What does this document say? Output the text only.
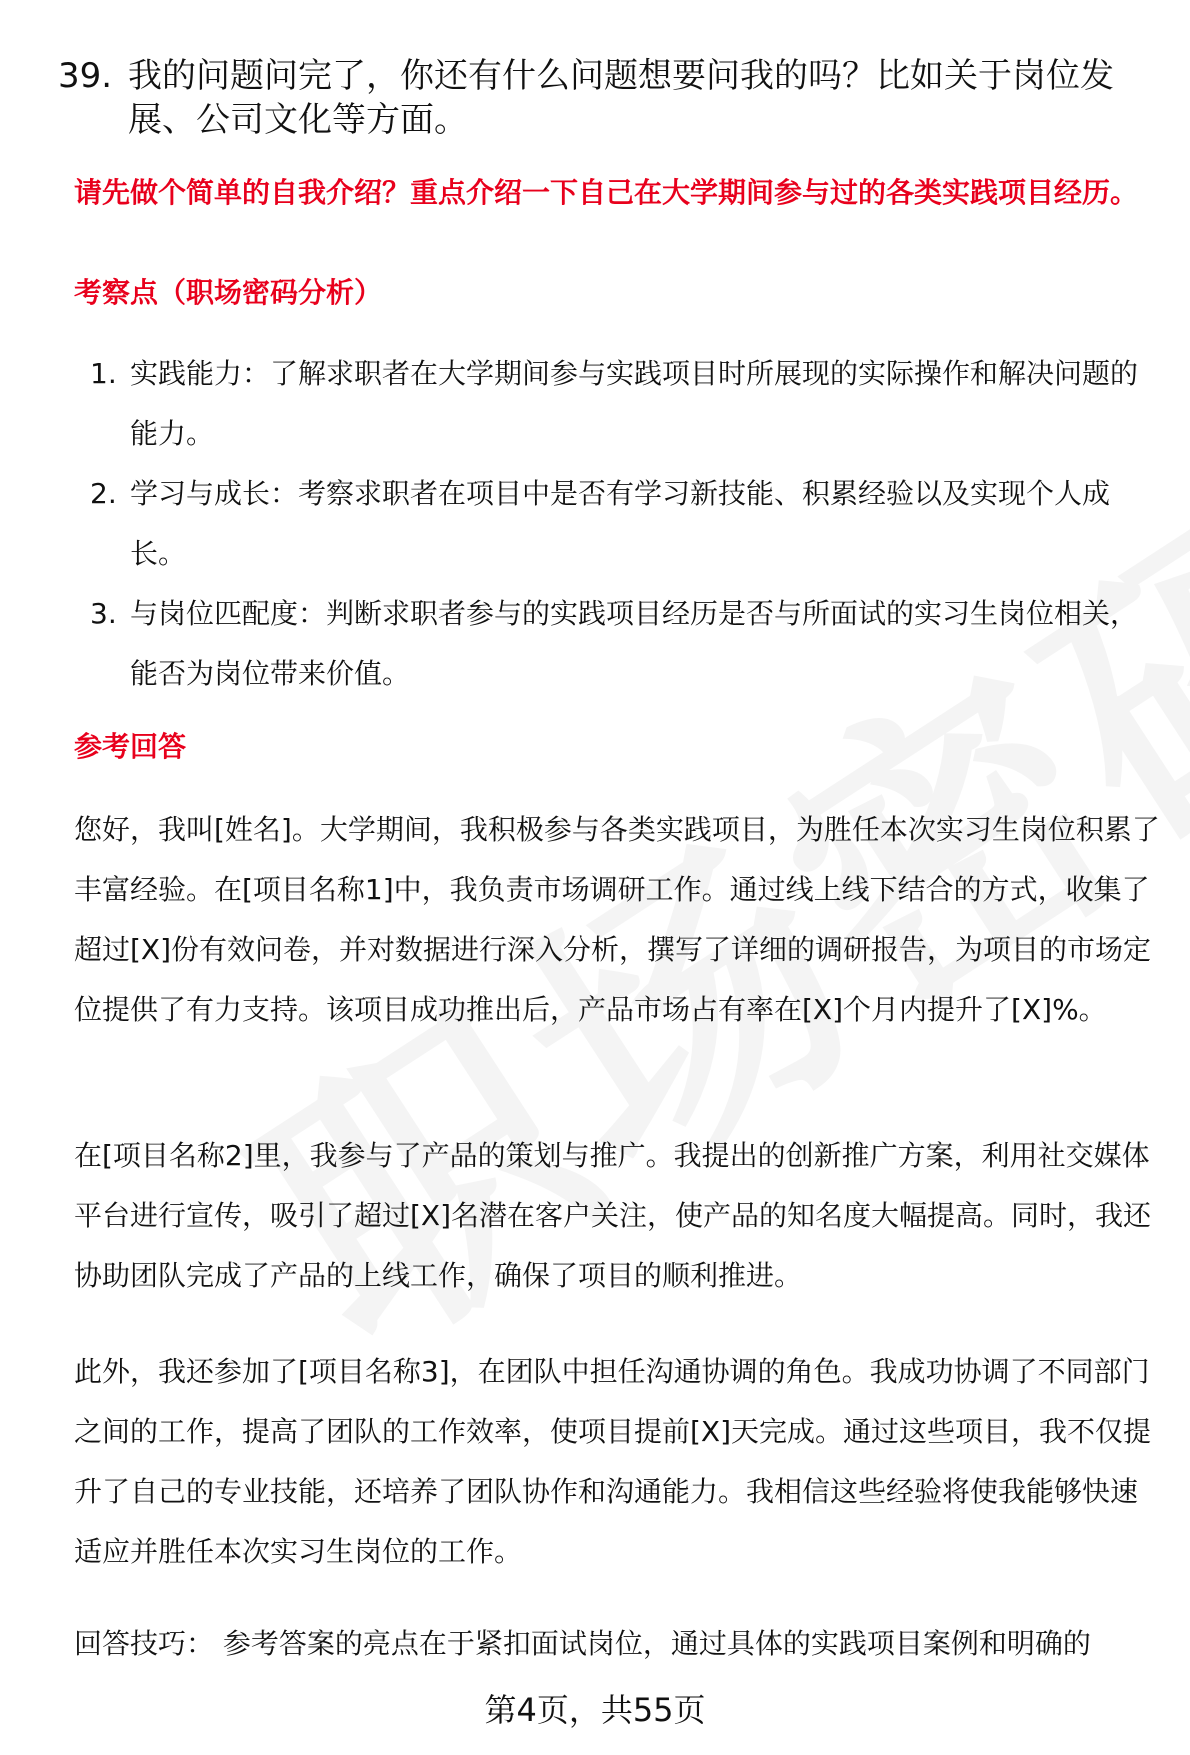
39. 我的问题问完了，你还有什么问题想要问我的吗？比如关于岗位发展、公司文化等方面。
请先做个简单的自我介绍？重点介绍一下自己在大学期间参与过的各类实践项目经历。
考察点（职场密码分析）
1. 实践能力：了解求职者在大学期间参与实践项目时所展现的实际操作和解决问题的能力。
2. 学习与成长：考察求职者在项目中是否有学习新技能、积累经验以及实现个人成长。
3. 与岗位匹配度：判断求职者参与的实践项目经历是否与所面试的实习生岗位相关，能否为岗位带来价值。
参考回答

您好，我叫[姓名]。大学期间，我积极参与各类实践项目，为胜任本次实习生岗位积累了丰富经验。在[项目名称1]中，我负责市场调研工作。通过线上线下结合的方式，收集了超过[X]份有效问卷，并对数据进行深入分析，撰写了详细的调研报告，为项目的市场定位提供了有力支持。该项目成功推出后，产品市场占有率在[X]个月内提升了[X]%。

在[项目名称2]里，我参与了产品的策划与推广。我提出的创新推广方案，利用社交媒体平台进行宣传，吸引了超过[X]名潜在客户关注，使产品的知名度大幅提高。同时，我还协助团队完成了产品的上线工作，确保了项目的顺利推进。

此外，我还参加了[项目名称3]，在团队中担任沟通协调的角色。我成功协调了不同部门之间的工作，提高了团队的工作效率，使项目提前[X]天完成。通过这些项目，我不仅提升了自己的专业技能，还培养了团队协作和沟通能力。我相信这些经验将使我能够快速适应并胜任本次实习生岗位的工作。

回答技巧： 参考答案的亮点在于紧扣面试岗位，通过具体的实践项目案例和明确的

第4页，共55页
